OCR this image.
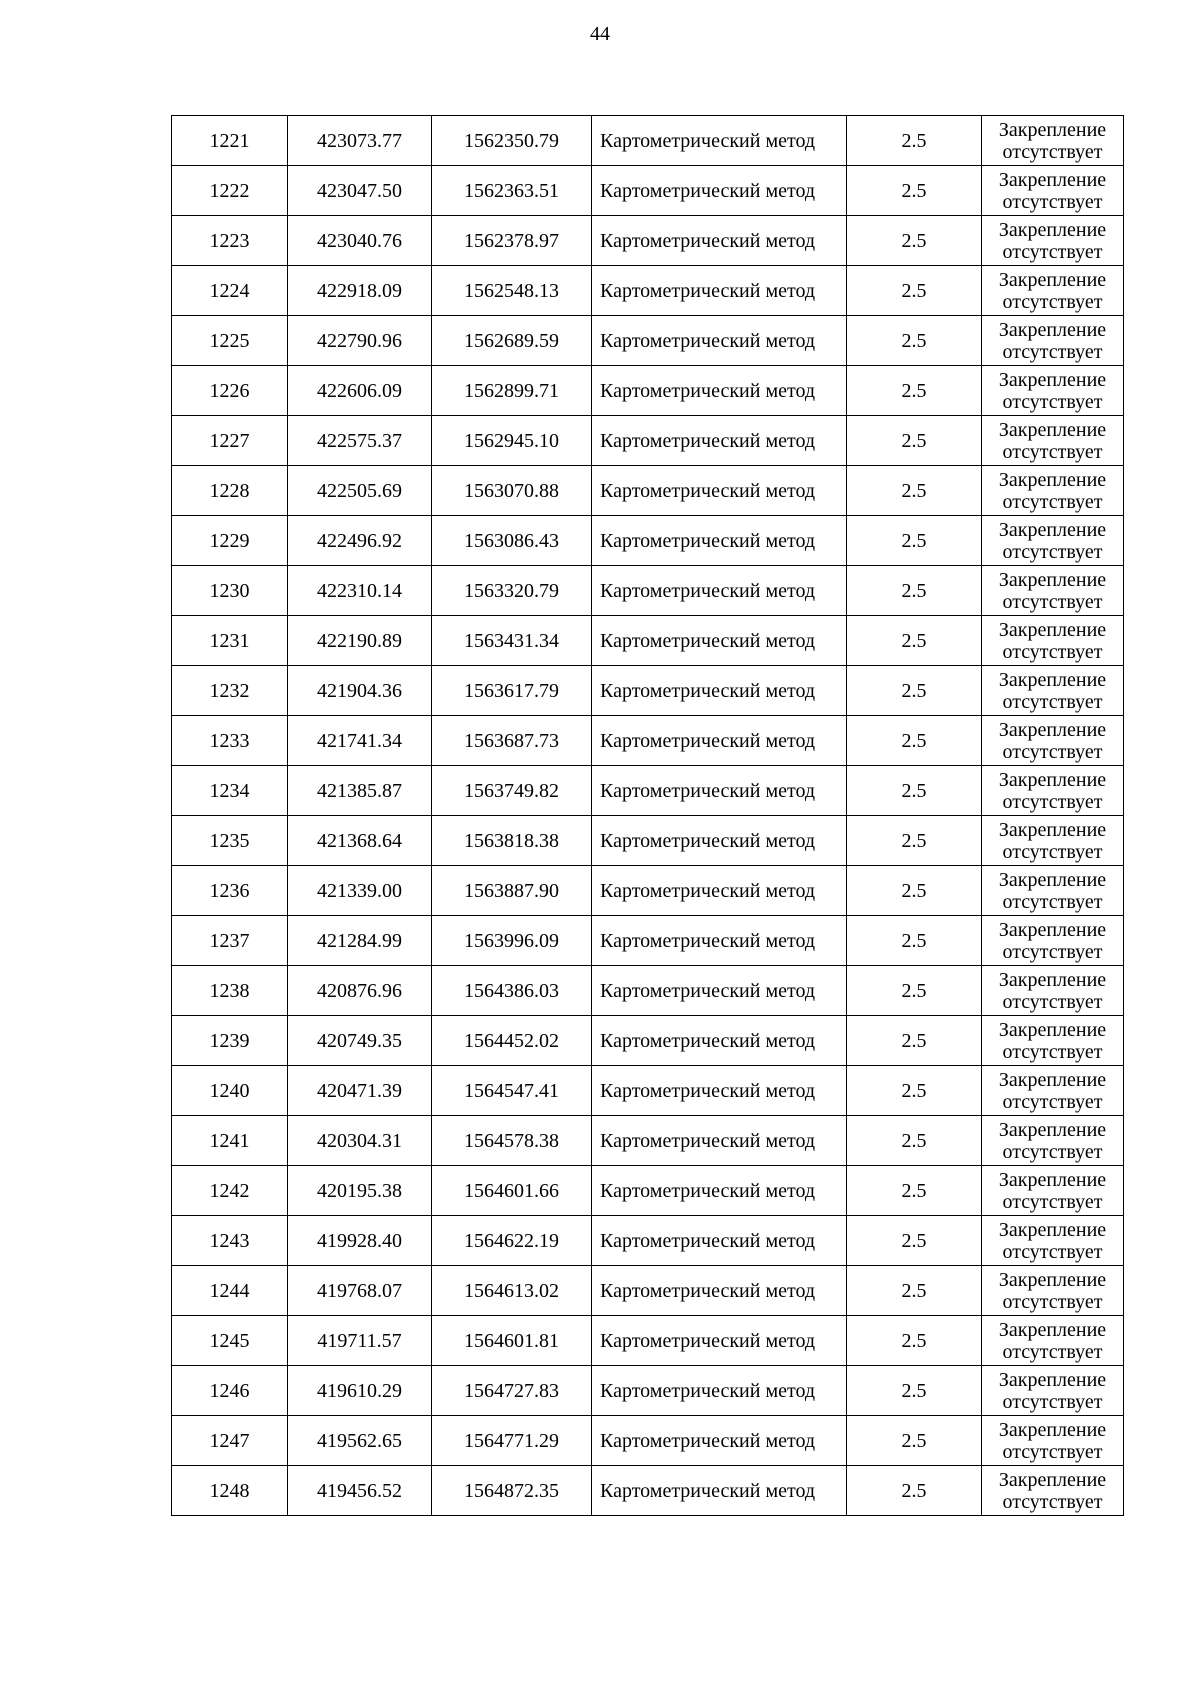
44
1221	423073.77	1562350.79	Картометрический метод	2.5	Закрепление
отсутствует

1222	423047.50	1562363.51	Картометрический метод	2.5	Закрепление
отсутствует

1223	423040.76	1562378.97	Картометрический метод	2.5	Закрепление
отсутствует

1224	422918.09	1562548.13	Картометрический метод	2.5	Закрепление
отсутствует

1225	422790.96	1562689.59	Картометрический метод	2.5	Закрепление
отсутствует

1226	422606.09	1562899.71	Картометрический метод	2.5	Закрепление
отсутствует

1227	422575.37	1562945.10	Картометрический метод	2.5	Закрепление
отсутствует

1228	422505.69	1563070.88	Картометрический метод	2.5	Закрепление
отсутствует

1229	422496.92	1563086.43	Картометрический метод	2.5	Закрепление
отсутствует

1230	422310.14	1563320.79	Картометрический метод	2.5	Закрепление
отсутствует

1231	422190.89	1563431.34	Картометрический метод	2.5	Закрепление
отсутствует

1232	421904.36	1563617.79	Картометрический метод	2.5	Закрепление
отсутствует

1233	421741.34	1563687.73	Картометрический метод	2.5	Закрепление
отсутствует

1234	421385.87	1563749.82	Картометрический метод	2.5	Закрепление
отсутствует

1235	421368.64	1563818.38	Картометрический метод	2.5	Закрепление
отсутствует

1236	421339.00	1563887.90	Картометрический метод	2.5	Закрепление
отсутствует

1237	421284.99	1563996.09	Картометрический метод	2.5	Закрепление
отсутствует

1238	420876.96	1564386.03	Картометрический метод	2.5	Закрепление
отсутствует

1239	420749.35	1564452.02	Картометрический метод	2.5	Закрепление
отсутствует

1240	420471.39	1564547.41	Картометрический метод	2.5	Закрепление
отсутствует

1241	420304.31	1564578.38	Картометрический метод	2.5	Закрепление
отсутствует

1242	420195.38	1564601.66	Картометрический метод	2.5	Закрепление
отсутствует

1243	419928.40	1564622.19	Картометрический метод	2.5	Закрепление
отсутствует

1244	419768.07	1564613.02	Картометрический метод	2.5	Закрепление
отсутствует

1245	419711.57	1564601.81	Картометрический метод	2.5	Закрепление
отсутствует

1246	419610.29	1564727.83	Картометрический метод	2.5	Закрепление
отсутствует

1247	419562.65	1564771.29	Картометрический метод	2.5	Закрепление
отсутствует

1248	419456.52	1564872.35	Картометрический метод	2.5	Закрепление
отсутствует
